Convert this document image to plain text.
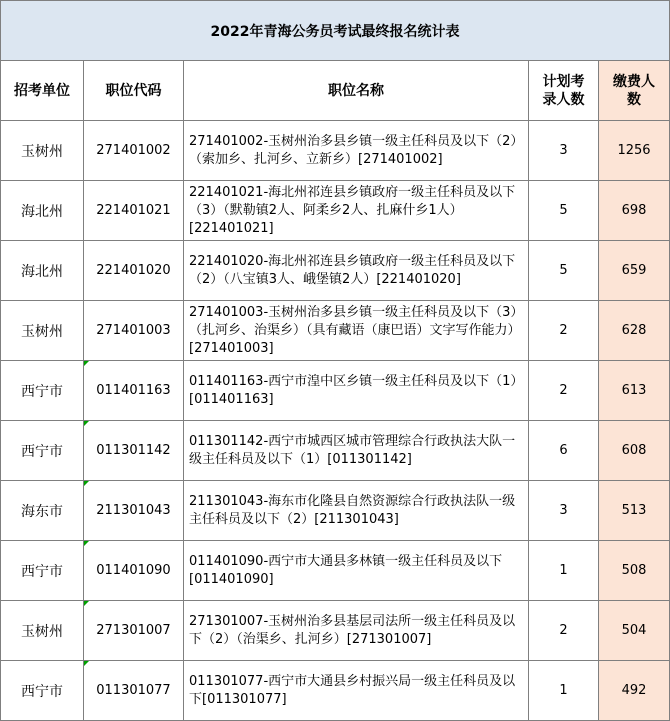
2022年青海公务员考试最终报名统计表				
招考单位	职位代码	职位名称	计划考录人数	缴费人数
玉树州	271401002	271401002-玉树州治多县乡镇一级主任科员及以下（2）（索加乡、扎河乡、立新乡）[271401002]	3	1256
海北州	221401021	221401021-海北州祁连县乡镇政府一级主任科员及以下（3）（默勒镇2人、阿柔乡2人、扎麻什乡1人）[221401021]	5	698
海北州	221401020	221401020-海北州祁连县乡镇政府一级主任科员及以下（2）（八宝镇3人、峨堡镇2人）[221401020]	5	659
玉树州	271401003	271401003-玉树州治多县乡镇一级主任科员及以下（3）（扎河乡、治渠乡）（具有藏语（康巴语）文字写作能力）[271401003]	2	628
西宁市	011401163	011401163-西宁市湟中区乡镇一级主任科员及以下（1）[011401163]	2	613
西宁市	011301142	011301142-西宁市城西区城市管理综合行政执法大队一级主任科员及以下（1）[011301142]	6	608
海东市	211301043	211301043-海东市化隆县自然资源综合行政执法队一级主任科员及以下（2）[211301043]	3	513
西宁市	011401090	011401090-西宁市大通县多林镇一级主任科员及以下[011401090]	1	508
玉树州	271301007	271301007-玉树州治多县基层司法所一级主任科员及以下（2）（治渠乡、扎河乡）[271301007]	2	504
西宁市	011301077	011301077-西宁市大通县乡村振兴局一级主任科员及以下[011301077]	1	492
